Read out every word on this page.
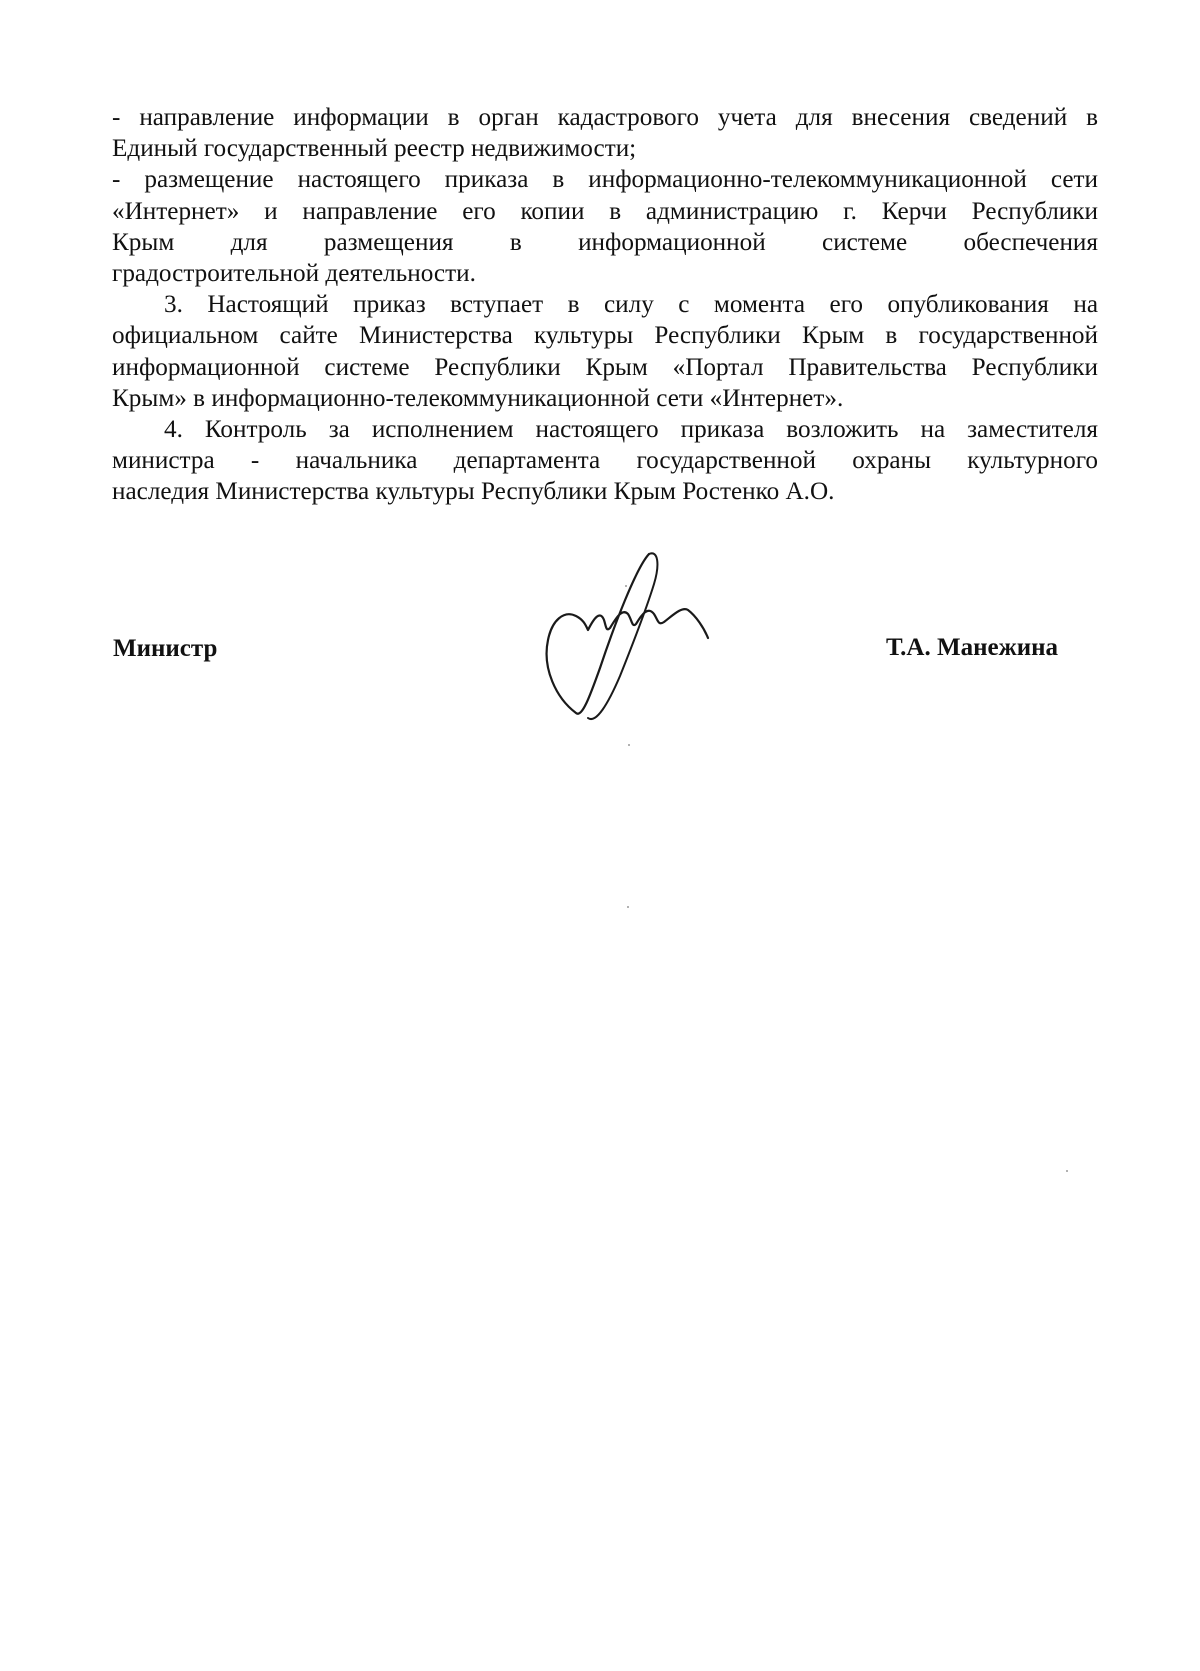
- направление информации в орган кадастрового учета для внесения сведений в
Единый государственный реестр недвижимости;

- размещение настоящего приказа в информационно-телекоммуникационной сети
«Интернет» и направление его копии в администрацию г. Керчи Республики
Крым для размещения в информационной системе обеспечения
градостроительной деятельности.

3. Настоящий приказ вступает в силу с момента его опубликования на
официальном сайте Министерства культуры Республики Крым в государственной
информационной системе Республики Крым «Портал Правительства Республики
Крым» в информационно-телекоммуникационной сети «Интернет».

4. Контроль за исполнением настоящего приказа возложить на заместителя
министра - начальника департамента государственной охраны культурного
наследия Министерства культуры Республики Крым Ростенко А.О.

Министр	Т.А. Манежина
